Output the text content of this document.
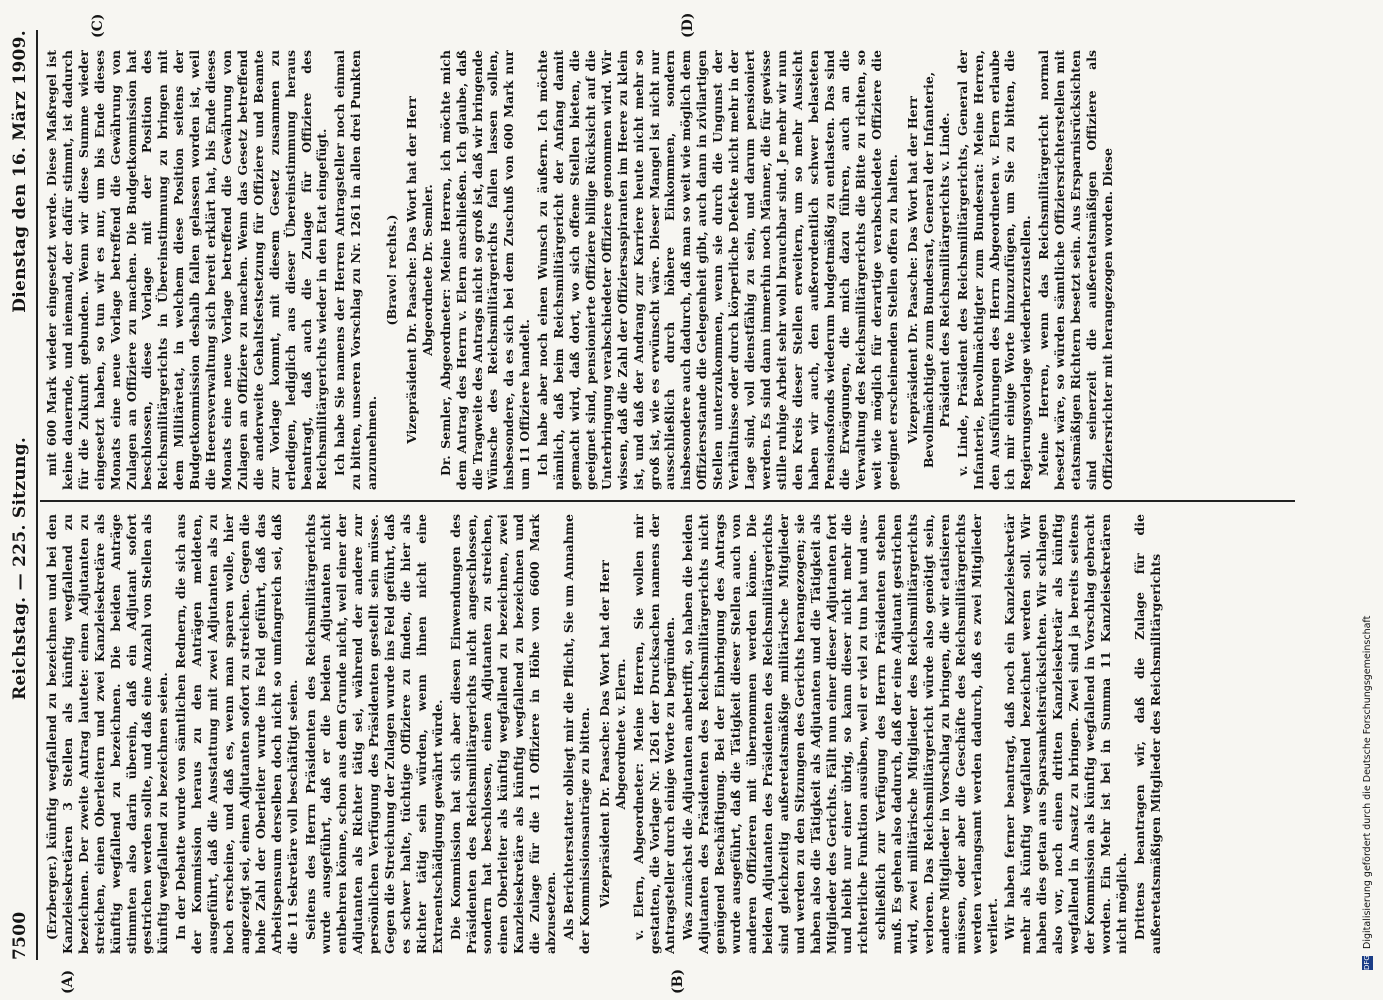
7500
Reichstag. — 225. Sitzung.
Dienstag den 16. März 1909.
(A)	(B)
(C)	(D)

(Erzberger.) künftig wegfallend zu bezeichnen und bei den Kanzleisekretären 3 Stellen als künftig wegfallend zu bezeichnen. Der zweite Antrag lautete: einen Adjutanten zu streichen, einen Oberleitern und zwei Kanzleisekretäre als künftig wegfallend zu bezeichnen. Die beiden Anträge stimmten also darin überein, daß ein Adjutant sofort gestrichen werden sollte, und daß eine Anzahl von Stellen als künftig wegfallend zu bezeichnen seien. In der Debatte wurde von sämtlichen Rednern, die sich aus der Kommission heraus zu den Anträgen meldeten, ausgeführt, daß die Ausstattung mit zwei Adjutanten als zu hoch erscheine, und daß es, wenn man sparen wolle, hier angezeigt sei, einen Adjutanten sofort zu streichen. Gegen die hohe Zahl der Oberleiter wurde ins Feld geführt, daß das Arbeitspensum derselben doch nicht so umfangreich sei, daß die 11 Sekretäre voll beschäftigt seien. Seitens des Herrn Präsidenten des Reichsmilitärgerichts wurde ausgeführt, daß er die beiden Adjutanten nicht entbehren könne, schon aus dem Grunde nicht, weil einer der Adjutanten als Richter tätig sei, während der andere zur persönlichen Verfügung des Präsidenten gestellt sein müsse. Gegen die Streichung der Zulagen wurde ins Feld geführt, daß es schwer halte, tüchtige Offiziere zu finden, die hier als Richter tätig sein würden, wenn ihnen nicht eine Extraentschädigung gewährt würde. Die Kommission hat sich aber diesen Einwendungen des Präsidenten des Reichsmilitärgerichts nicht angeschlossen, sondern hat beschlossen, einen Adjutanten zu streichen, einen Oberleiter als künftig wegfallend zu bezeichnen, zwei Kanzleisekretäre als künftig wegfallend zu bezeichnen und die Zulage für die 11 Offiziere in Höhe von 6600 Mark abzusetzen. Als Berichterstatter obliegt mir die Pflicht, Sie um Annahme der Kommissionsanträge zu bitten. Vizepräsident Dr. Paasche: Das Wort hat der Herr Abgeordnete v. Elern. v. Elern, Abgeordneter: Meine Herren, Sie wollen mir gestatten, die Vorlage Nr. 1261 der Drucksachen namens der Antragsteller durch einige Worte zu begründen. Was zunächst die Adjutanten anbetrifft, so haben die beiden Adjutanten des Präsidenten des Reichsmilitärgerichts nicht genügend Beschäftigung. Bei der Einbringung des Antrags wurde ausgeführt, daß die Tätigkeit dieser Stellen auch von anderen Offizieren mit übernommen werden könne. Die beiden Adjutanten des Präsidenten des Reichsmilitärgerichts sind gleichzeitig außeretatsmäßige militärische Mitglieder und werden zu den Sitzungen des Gerichts herangezogen; sie haben also die Tätigkeit als Adjutanten und die Tätigkeit als Mitglieder des Gerichts. Fällt nun einer dieser Adjutanten fort und bleibt nur einer übrig, so kann dieser nicht mehr die richterliche Funktion ausüben, weil er viel zu tun hat und aus- schließlich zur Verfügung des Herrn Präsidenten stehen muß. Es gehen also dadurch, daß der eine Adjutant gestrichen wird, zwei militärische Mitglieder des Reichsmilitärgerichts verloren. Das Reichsmilitärgericht würde also genötigt sein, andere Mitglieder in Vorschlag zu bringen, die wir etatisieren müssen, oder aber die Geschäfte des Reichsmilitärgerichts werden verlangsamt werden dadurch, daß es zwei Mitglieder verliert. Wir haben ferner beantragt, daß noch ein Kanzleisekretär mehr als künftig wegfallend bezeichnet werden soll. Wir haben dies getan aus Sparsamkeitsrücksichten. Wir schlagen also vor, noch einen dritten Kanzleisekretär als künftig wegfallend in Ansatz zu bringen. Zwei sind ja bereits seitens der Kommission als künftig wegfallend in Vorschlag gebracht worden. Ein Mehr ist bei in Summa 11 Kanzleisekretären nicht möglich. Drittens beantragen wir, daß die Zulage für die außeretatsmäßigen Mitglieder des Reichsmilitärgerichts

mit 600 Mark wieder eingesetzt werde. Diese Maßregel ist keine dauernde, und niemand, der dafür stimmt, ist dadurch für die Zukunft gebunden. Wenn wir diese Summe wieder eingesetzt haben, so tun wir es nur, um bis Ende dieses Monats eine neue Vorlage betreffend die Gewährung von Zulagen an Offiziere zu machen. Die Budgetkommission hat beschlossen, diese Vorlage mit der Position des Reichsmilitärgerichts in Übereinstimmung zu bringen mit dem Militäretat, in welchem diese Position seitens der Budgetkommission deshalb fallen gelassen worden ist, weil die Heeresverwaltung sich bereit erklärt hat, bis Ende dieses Monats eine neue Vorlage betreffend die Gewährung von Zulagen an Offiziere zu machen. Wenn das Gesetz betreffend die anderweite Gehaltsfestsetzung für Offiziere und Beamte zur Vorlage kommt, mit diesem Gesetz zusammen zu erledigen, lediglich aus dieser Übereinstimmung heraus beantragt, daß auch die Zulage für Offiziere des Reichsmilitärgerichts wieder in den Etat eingefügt. Ich habe Sie namens der Herren Antragsteller noch einmal zu bitten, unseren Vorschlag zu Nr. 1261 in allen drei Punkten anzunehmen.

(Bravo! rechts.) Vizepräsident Dr. Paasche: Das Wort hat der Herr Abgeordnete Dr. Semler. Dr. Semler, Abgeordneter: Meine Herren, ich möchte mich dem Antrag des Herrn v. Elern anschließen. Ich glaube, daß die Tragweite des Antrags nicht so groß ist, daß wir bringende Wünsche des Reichsmilitärgerichts fallen lassen sollen, insbesondere, da es sich bei dem Zuschuß von 600 Mark nur um 11 Offiziere handelt. Ich habe aber noch einen Wunsch zu äußern. Ich möchte nämlich, daß beim Reichsmilitärgericht der Anfang damit gemacht wird, daß dort, wo sich offene Stellen bieten, die geeignet sind, pensionierte Offiziere billige Rücksicht auf die Unterbringung verabschiedeter Offiziere genommen wird. Wir wissen, daß die Zahl der Offiziersaspiranten im Heere zu klein ist, und daß der Andrang zur Karriere heute nicht mehr so groß ist, wie es erwünscht wäre. Dieser Mangel ist nicht nur ausschließlich durch höhere Einkommen, sondern insbesondere auch dadurch, daß man so weit wie möglich dem Offiziersstande die Gelegenheit gibt, auch dann in zivilartigen Stellen unterzukommen, wenn sie durch die Ungunst der Verhältnisse oder durch körperliche Defekte nicht mehr in der Lage sind, voll dienstfähig zu sein, und darum pensioniert werden. Es sind dann immerhin noch Männer, die für gewisse stille ruhige Arbeit sehr wohl brauchbar sind. Je mehr wir nun den Kreis dieser Stellen erweitern, um so mehr Aussicht haben wir auch, den außerordentlich schwer belasteten Pensionsfonds wiederum budgetmäßig zu entlasten. Das sind die Erwägungen, die mich dazu führen, auch an die Verwaltung des Reichsmilitärgerichts die Bitte zu richten, so weit wie möglich für derartige verabschiedete Offiziere die geeignet erscheinenden Stellen offen zu halten. Vizepräsident Dr. Paasche: Das Wort hat der Herr Bevollmächtigte zum Bundesrat, General der Infanterie, Präsident des Reichsmilitärgerichts v. Linde. v. Linde, Präsident des Reichsmilitärgerichts, General der Infanterie, Bevollmächtigter zum Bundesrat: Meine Herren, den Ausführungen des Herrn Abgeordneten v. Elern erlaube ich mir einige Worte hinzuzufügen, um Sie zu bitten, die Regierungsvorlage wiederherzustellen. Meine Herren, wenn das Reichsmilitärgericht normal besetzt wäre, so würden sämtliche Offiziersrichterstellen mit etatsmäßigen Richtern besetzt sein. Aus Ersparnisrücksichten sind seinerzeit die außeretatsmäßigen Offiziere als Offiziersrichter mit herangezogen worden. Diese

DFG Digitalisierung gefördert durch die Deutsche Forschungsgemeinschaft
